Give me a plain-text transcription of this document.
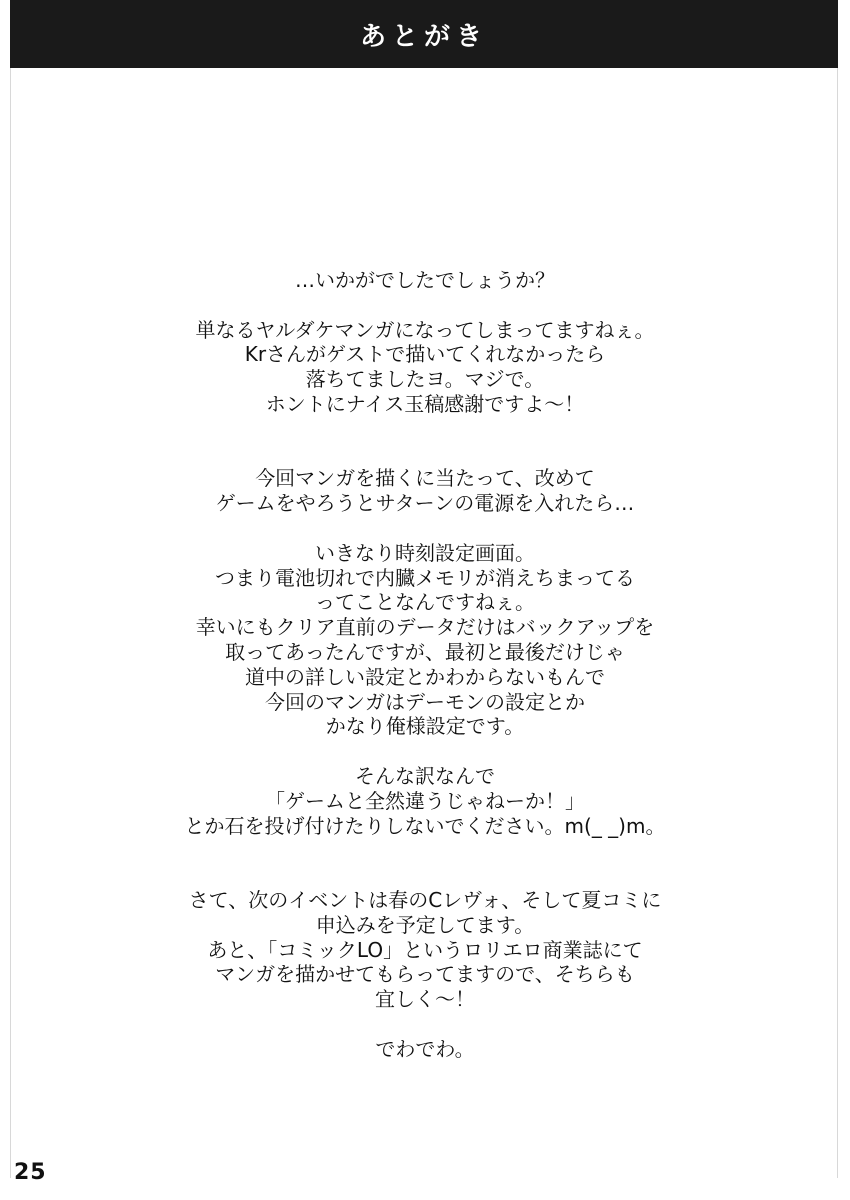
あとがき

…いかがでしたでしょうか？

単なるヤルダケマンガになってしまってますねぇ。
Krさんがゲストで描いてくれなかったら
落ちてましたヨ。マジで。
ホントにナイス玉稿感謝ですよ～！

今回マンガを描くに当たって、改めて
ゲームをやろうとサターンの電源を入れたら…

いきなり時刻設定画面。
つまり電池切れで内臓メモリが消えちまってる
ってことなんですねぇ。
幸いにもクリア直前のデータだけはバックアップを
取ってあったんですが、最初と最後だけじゃ
道中の詳しい設定とかわからないもんで
今回のマンガはデーモンの設定とか
かなり俺様設定です。

そんな訳なんで
「ゲームと全然違うじゃねーか！」
とか石を投げ付けたりしないでください。m(_ _)m。

さて、次のイベントは春のCレヴォ、そして夏コミに
申込みを予定してます。
あと、「コミックLO」というロリエロ商業誌にて
マンガを描かせてもらってますので、そちらも
宜しく～！

でわでわ。

25
